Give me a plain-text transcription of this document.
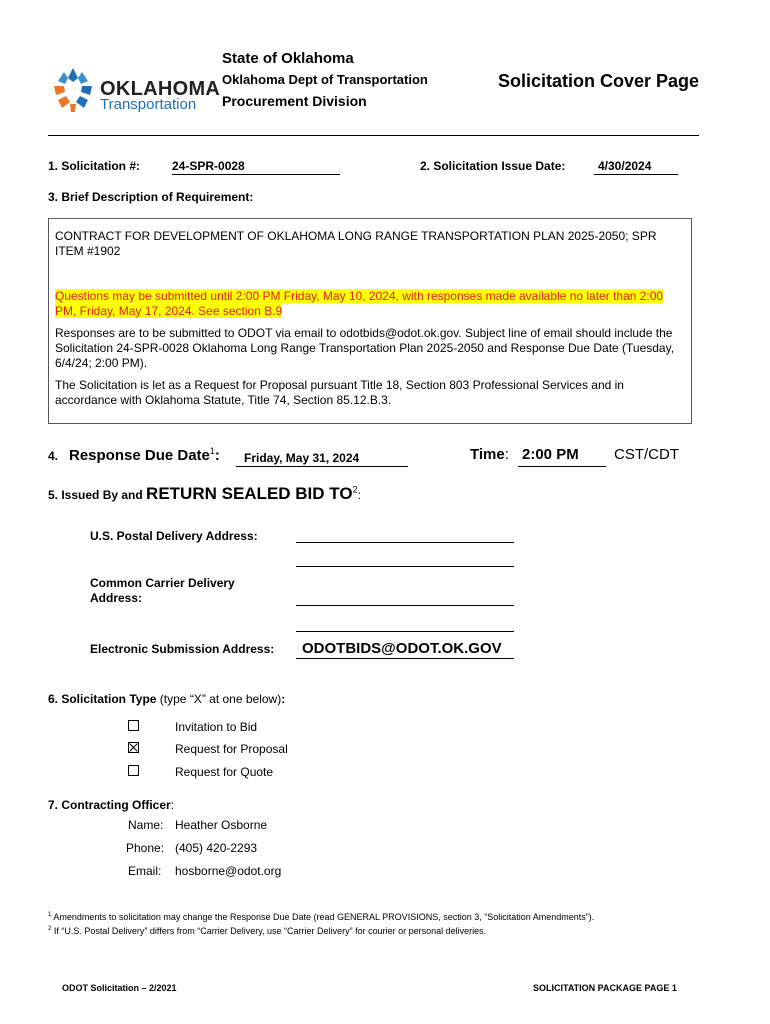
OKLAHOMA
Transportation
State of Oklahoma
Oklahoma Dept of Transportation
Procurement Division
Solicitation Cover Page
1. Solicitation #:	24-SPR-0028	2. Solicitation Issue Date:	4/30/2024
3. Brief Description of Requirement:
CONTRACT FOR DEVELOPMENT OF OKLAHOMA LONG RANGE TRANSPORTATION PLAN 2025-2050; SPR ITEM #1902
Questions may be submitted until 2:00 PM Friday, May 10, 2024, with responses made available no later than 2:00 PM, Friday, May 17, 2024. See section B.9
Responses are to be submitted to ODOT via email to odotbids@odot.ok.gov. Subject line of email should include the Solicitation 24-SPR-0028 Oklahoma Long Range Transportation Plan 2025-2050 and Response Due Date (Tuesday, 6/4/24; 2:00 PM).
The Solicitation is let as a Request for Proposal pursuant Title 18, Section 803 Professional Services and in accordance with Oklahoma Statute, Title 74, Section 85.12.B.3.
4. Response Due Date$^1$:	Friday, May 31, 2024	Time: 2:00 PM	CST/CDT
5. Issued By and RETURN SEALED BID $TO^2$:
U.S. Postal Delivery Address:
Common Carrier Delivery
Address:
Electronic Submission Address:	ODOTBIDS@ODOT.OK.GOV
6. Solicitation Type (type “X” at one below):
Invitation to Bid
Request for Proposal
Request for Quote
7. Contracting Officer:
Name: Heather Osborne
Phone: (405) 420-2293
Email: hosborne@odot.org
$^1$ Amendments to solicitation may change the Response Due Date (read GENERAL PROVISIONS, section 3, “Solicitation Amendments”).
$^2$ If “U.S. Postal Delivery” differs from “Carrier Delivery, use “Carrier Delivery” for courier or personal deliveries.
ODOT Solicitation – 2/2021	SOLICITATION PACKAGE PAGE 1
